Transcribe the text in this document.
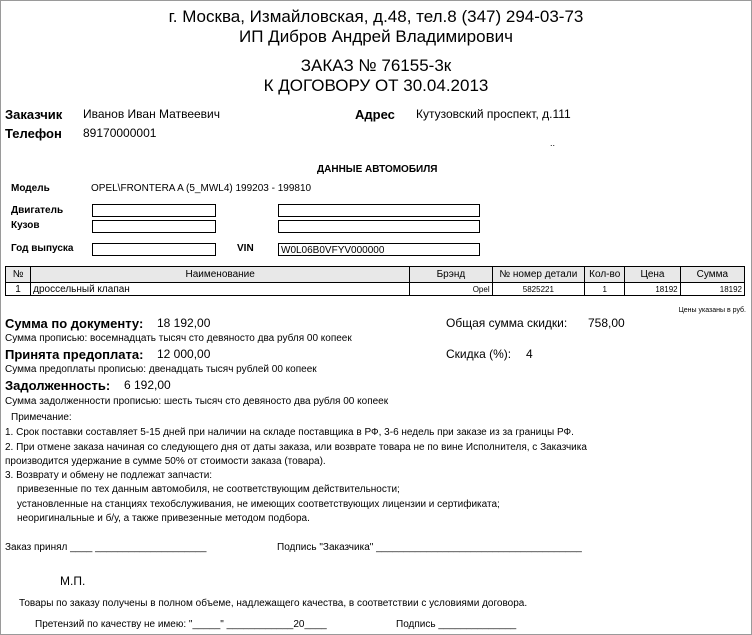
г. Москва, Измайловская, д.48, тел.8 (347) 294-03-73
ИП Дибров Андрей Владимирович
ЗАКАЗ № 76155-3к
К ДОГОВОРУ ОТ 30.04.2013
Заказчик Иванов Иван Матвеевич	Адрес Кутузовский проспект, д.111
Телефон 89170000001
..
ДАННЫЕ АВТОМОБИЛЯ
Модель	OPEL\FRONTERA A (5_MWL4) 199203 - 199810
Двигатель
Кузов
Год выпуска	VIN	W0L06B0VFYV000000
№	Наименование	Брэнд	№ номер детали	Кол-во	Цена	Сумма
1	дроссельный клапан	Opel	5825221	1	18192	18192
Цены указаны в руб.
Сумма по документу: 18 192,00
Сумма прописью: восемнадцать тысяч сто девяносто два рубля 00 копеек
Общая сумма скидки: 758,00
Принята предоплата: 12 000,00
Сумма предоплаты прописью: двенадцать тысяч рублей 00 копеек
Скидка (%): 4
Задолженность: 6 192,00
Сумма задолженности прописью: шесть тысяч сто девяносто два рубля 00 копеек
Примечание:
1. Срок поставки составляет 5-15 дней при наличии на складе поставщика в РФ, 3-6 недель при заказе из за границы РФ.
2. При отмене заказа начиная со следующего дня от даты заказа, или возврате товара не по вине Исполнителя, с Заказчика
производится удержание в сумме 50% от стоимости заказа (товара).
3. Возврату и обмену не подлежат запчасти:
привезенные по тех данным автомобиля, не соответствующим действительности;
установленные на станциях техобслуживания, не имеющих соответствующих лицензии и сертификата;
неоригинальные и б/у, а также привезенные методом подбора.
Заказ принял ____ ____________________	Подпись "Заказчика" _____________________________________
М.П.
Товары по заказу получены в полном объеме, надлежащего качества, в соответствии с условиями договора.
Претензий по качеству не имею: "_____" ____________20____	Подпись ______________
